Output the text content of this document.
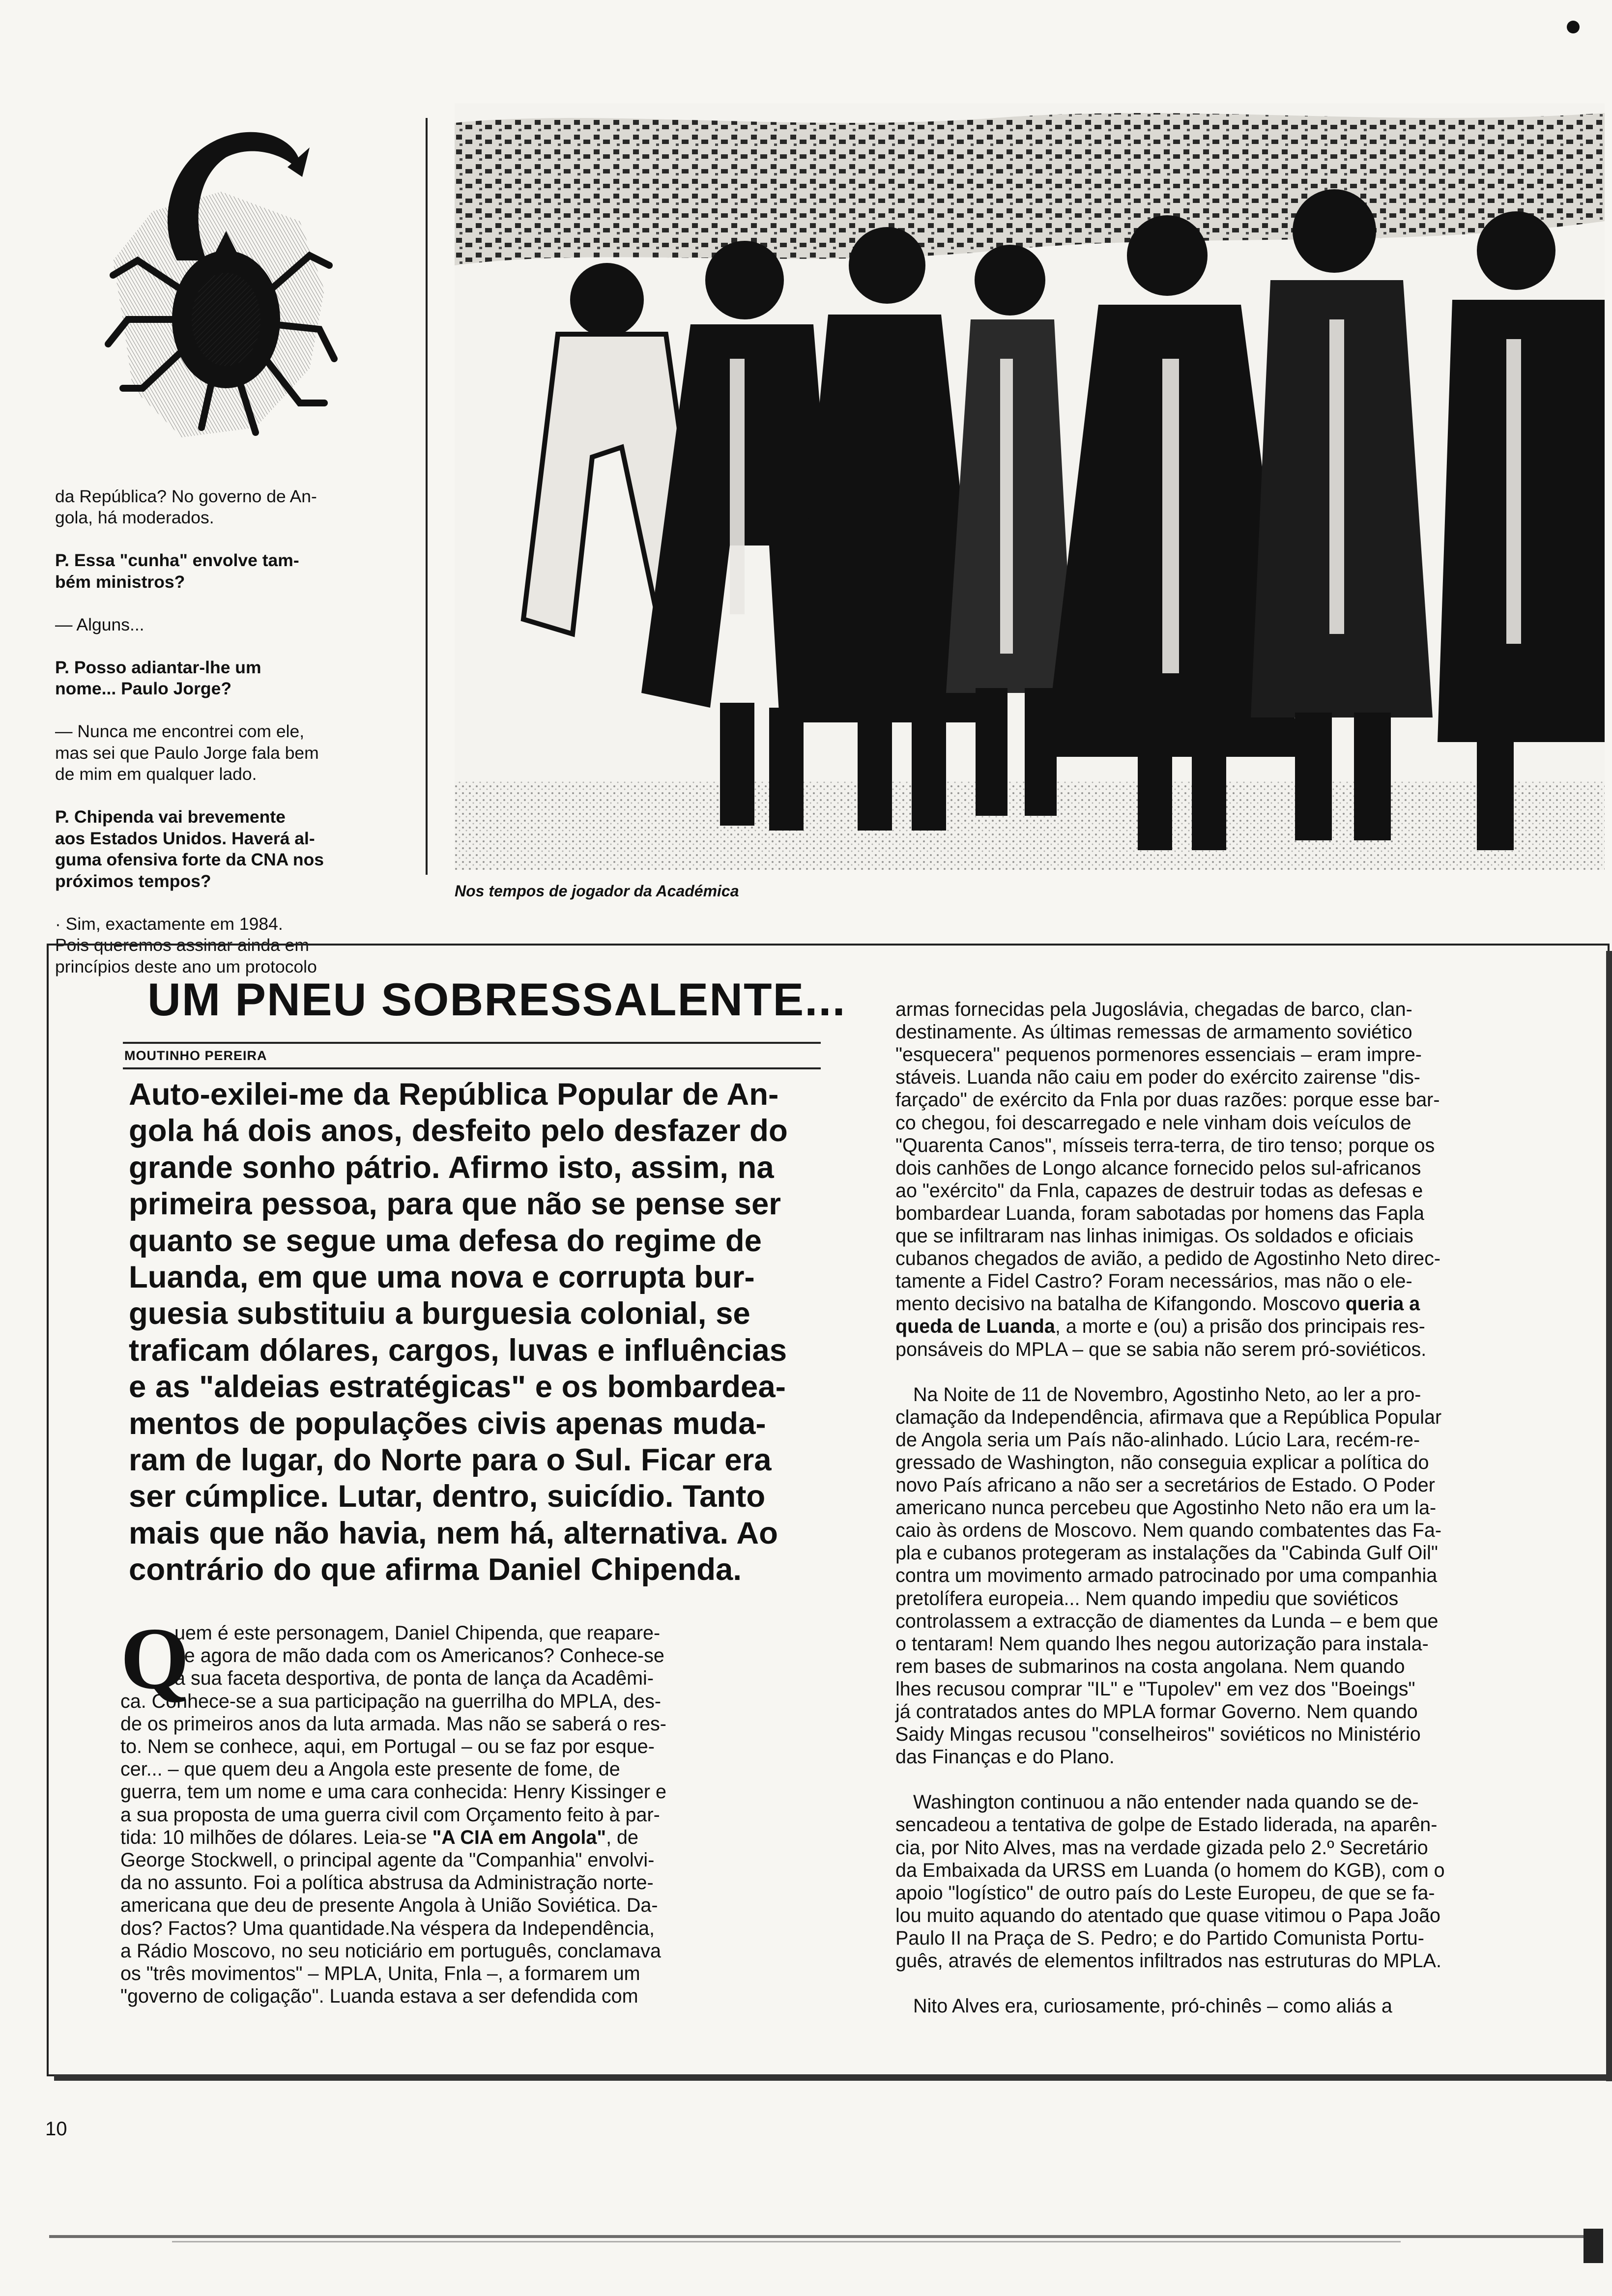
da República? No governo de An-
gola, há moderados.

P. Essa "cunha" envolve tam-
bém ministros?

— Alguns...

P. Posso adiantar-lhe um
nome... Paulo Jorge?

— Nunca me encontrei com ele,
mas sei que Paulo Jorge fala bem
de mim em qualquer lado.

P. Chipenda vai brevemente
aos Estados Unidos. Haverá al-
guma ofensiva forte da CNA nos
próximos tempos?

· Sim, exactamente em 1984.
Pois queremos assinar ainda em
princípios deste ano um protocolo

Nos tempos de jogador da Académica
UM PNEU SOBRESSALENTE...
MOUTINHO PEREIRA
Auto-exilei-me da República Popular de An-
gola há dois anos, desfeito pelo desfazer do
grande sonho pátrio. Afirmo isto, assim, na
primeira pessoa, para que não se pense ser
quanto se segue uma defesa do regime de
Luanda, em que uma nova e corrupta bur-
guesia substituiu a burguesia colonial, se
traficam dólares, cargos, luvas e influências
e as "aldeias estratégicas" e os bombardea-
mentos de populações civis apenas muda-
ram de lugar, do Norte para o Sul. Ficar era
ser cúmplice. Lutar, dentro, suicídio. Tanto
mais que não havia, nem há, alternativa. Ao
contrário do que afirma Daniel Chipenda.
Q
uem é este personagem, Daniel Chipenda, que reapare-
ce agora de mão dada com os Americanos? Conhece-se
a sua faceta desportiva, de ponta de lança da Acadêmi-
ca. Conhece-se a sua participação na guerrilha do MPLA, des-
de os primeiros anos da luta armada. Mas não se saberá o res-
to. Nem se conhece, aqui, em Portugal – ou se faz por esque-
cer... – que quem deu a Angola este presente de fome, de
guerra, tem um nome e uma cara conhecida: Henry Kissinger e
a sua proposta de uma guerra civil com Orçamento feito à par-
tida: 10 milhões de dólares. Leia-se "A CIA em Angola", de
George Stockwell, o principal agente da "Companhia" envolvi-
da no assunto. Foi a política abstrusa da Administração norte-
americana que deu de presente Angola à União Soviética. Da-
dos? Factos? Uma quantidade.Na véspera da Independência,
a Rádio Moscovo, no seu noticiário em português, conclamava
os "três movimentos" – MPLA, Unita, Fnla –, a formarem um
"governo de coligação". Luanda estava a ser defendida com

armas fornecidas pela Jugoslávia, chegadas de barco, clan-
destinamente. As últimas remessas de armamento soviético
"esquecera" pequenos pormenores essenciais – eram impre-
stáveis. Luanda não caiu em poder do exército zairense "dis-
farçado" de exército da Fnla por duas razões: porque esse bar-
co chegou, foi descarregado e nele vinham dois veículos de
"Quarenta Canos", mísseis terra-terra, de tiro tenso; porque os
dois canhões de Longo alcance fornecido pelos sul-africanos
ao "exército" da Fnla, capazes de destruir todas as defesas e
bombardear Luanda, foram sabotadas por homens das Fapla
que se infiltraram nas linhas inimigas. Os soldados e oficiais
cubanos chegados de avião, a pedido de Agostinho Neto direc-
tamente a Fidel Castro? Foram necessários, mas não o ele-
mento decisivo na batalha de Kifangondo. Moscovo queria a
queda de Luanda, a morte e (ou) a prisão dos principais res-
ponsáveis do MPLA – que se sabia não serem pró-soviéticos.

Na Noite de 11 de Novembro, Agostinho Neto, ao ler a pro-
clamação da Independência, afirmava que a República Popular
de Angola seria um País não-alinhado. Lúcio Lara, recém-re-
gressado de Washington, não conseguia explicar a política do
novo País africano a não ser a secretários de Estado. O Poder
americano nunca percebeu que Agostinho Neto não era um la-
caio às ordens de Moscovo. Nem quando combatentes das Fa-
pla e cubanos protegeram as instalações da "Cabinda Gulf Oil"
contra um movimento armado patrocinado por uma companhia
pretolífera europeia... Nem quando impediu que soviéticos
controlassem a extracção de diamentes da Lunda – e bem que
o tentaram! Nem quando lhes negou autorização para instala-
rem bases de submarinos na costa angolana. Nem quando
lhes recusou comprar "IL" e "Tupolev" em vez dos "Boeings"
já contratados antes do MPLA formar Governo. Nem quando
Saidy Mingas recusou "conselheiros" soviéticos no Ministério
das Finanças e do Plano.

Washington continuou a não entender nada quando se de-
sencadeou a tentativa de golpe de Estado liderada, na aparên-
cia, por Nito Alves, mas na verdade gizada pelo 2.º Secretário
da Embaixada da URSS em Luanda (o homem do KGB), com o
apoio "logístico" de outro país do Leste Europeu, de que se fa-
lou muito aquando do atentado que quase vitimou o Papa João
Paulo II na Praça de S. Pedro; e do Partido Comunista Portu-
guês, através de elementos infiltrados nas estruturas do MPLA.

Nito Alves era, curiosamente, pró-chinês – como aliás a

10
